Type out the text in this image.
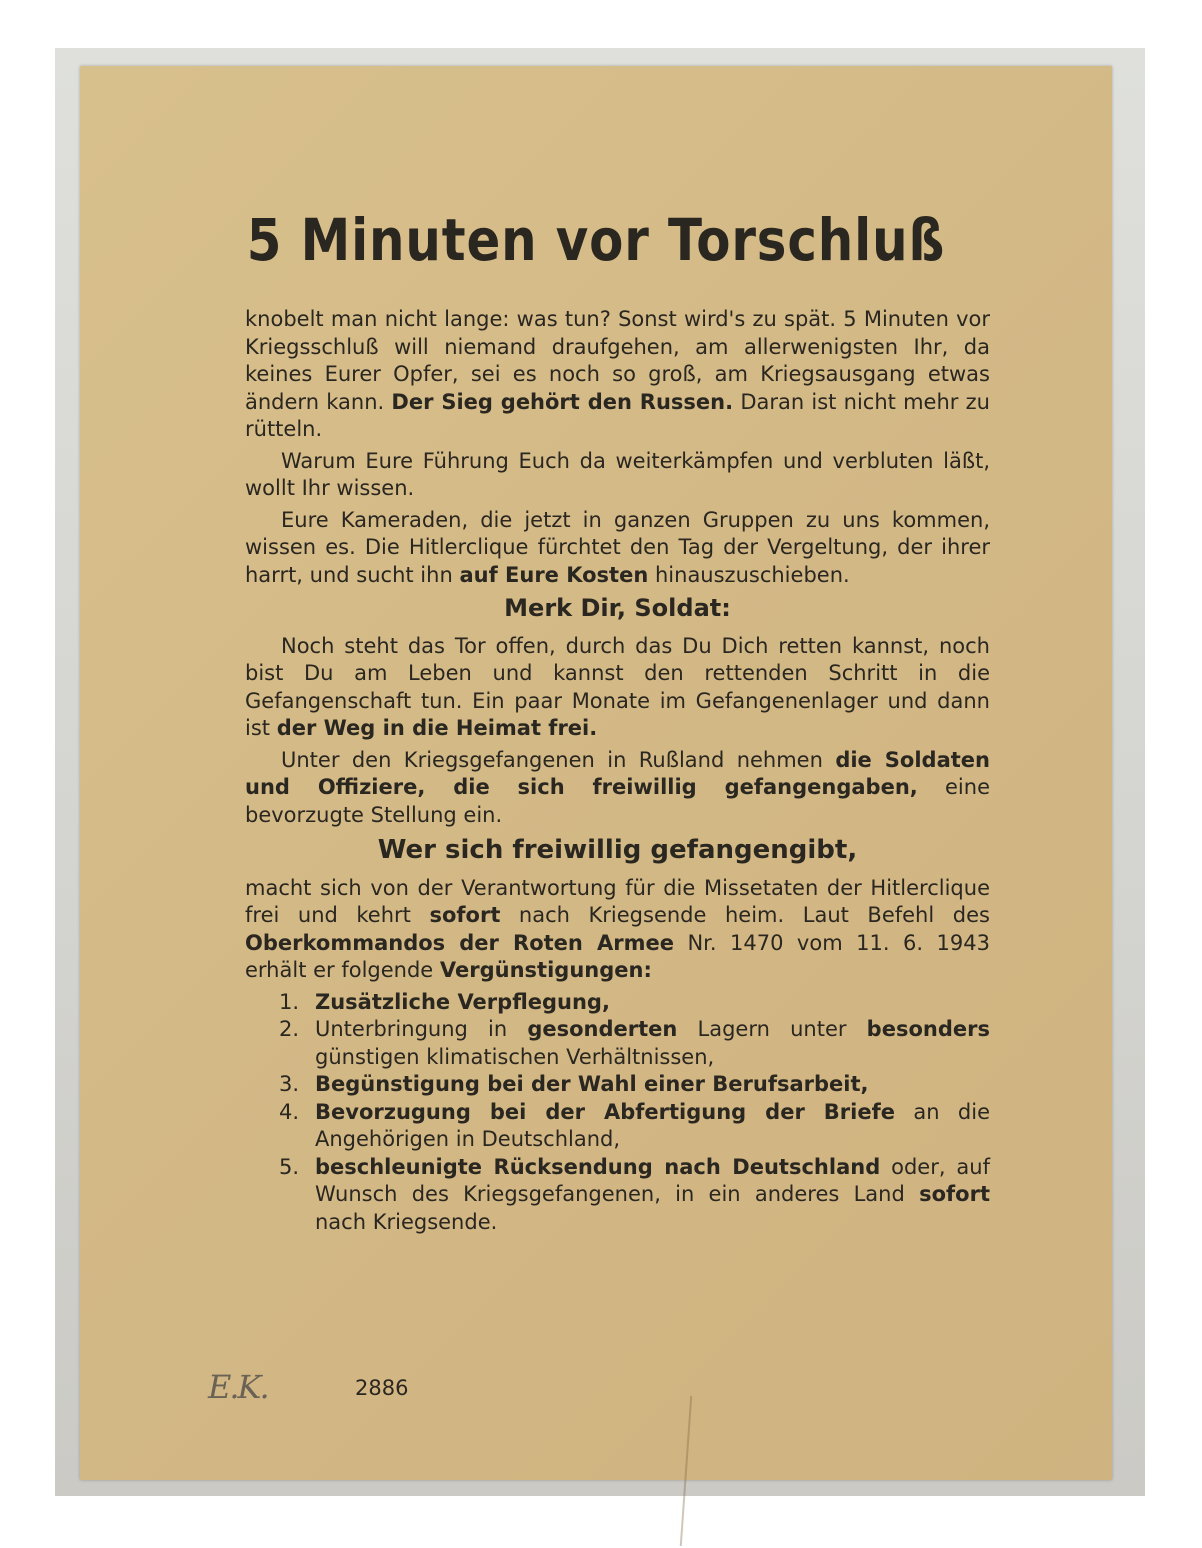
5 Minuten vor Torschluß

knobelt man nicht lange: was tun? Sonst wird's zu spät. 5 Minuten vor Kriegsschluß will niemand draufgehen, am allerwenigsten Ihr, da keines Eurer Opfer, sei es noch so groß, am Kriegsausgang etwas ändern kann. Der Sieg gehört den Russen. Daran ist nicht mehr zu rütteln.

Warum Eure Führung Euch da weiterkämpfen und verbluten läßt, wollt Ihr wissen.

Eure Kameraden, die jetzt in ganzen Gruppen zu uns kommen, wissen es. Die Hitlerclique fürchtet den Tag der Vergeltung, der ihrer harrt, und sucht ihn auf Eure Kosten hinauszuschieben.

Merk Dir, Soldat:

Noch steht das Tor offen, durch das Du Dich retten kannst, noch bist Du am Leben und kannst den rettenden Schritt in die Gefangenschaft tun. Ein paar Monate im Gefangenenlager und dann ist der Weg in die Heimat frei.

Unter den Kriegsgefangenen in Rußland nehmen die Soldaten und Offiziere, die sich freiwillig gefangengaben, eine bevorzugte Stellung ein.

Wer sich freiwillig gefangengibt,

macht sich von der Verantwortung für die Missetaten der Hitlerclique frei und kehrt sofort nach Kriegsende heim. Laut Befehl des Oberkommandos der Roten Armee Nr. 1470 vom 11. 6. 1943 erhält er folgende Vergünstigungen:

1. Zusätzliche Verpflegung,
2. Unterbringung in gesonderten Lagern unter besonders günstigen klimatischen Verhältnissen,
3. Begünstigung bei der Wahl einer Berufsarbeit,
4. Bevorzugung bei der Abfertigung der Briefe an die Angehörigen in Deutschland,
5. beschleunigte Rücksendung nach Deutschland oder, auf Wunsch des Kriegsgefangenen, in ein anderes Land sofort nach Kriegsende.
E.K.	2886
